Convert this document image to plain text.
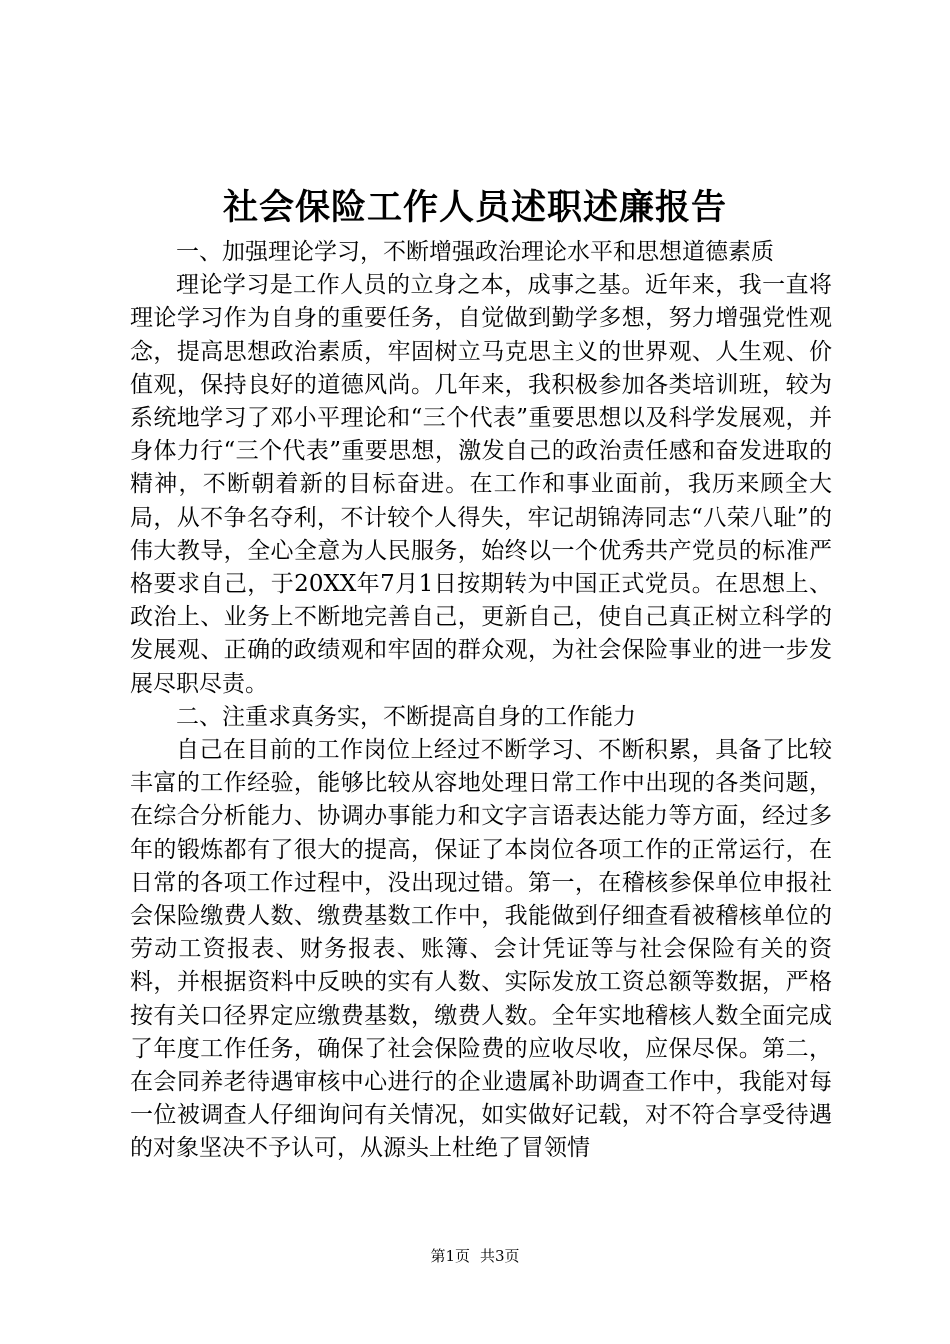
社会保险工作人员述职述廉报告

一、加强理论学习，不断增强政治理论水平和思想道德素质

理论学习是工作人员的立身之本，成事之基。近年来，我一直将理论学习作为自身的重要任务，自觉做到勤学多想，努力增强党性观念，提高思想政治素质，牢固树立马克思主义的世界观、人生观、价值观，保持良好的道德风尚。几年来，我积极参加各类培训班，较为系统地学习了邓小平理论和“三个代表”重要思想以及科学发展观，并身体力行“三个代表”重要思想，激发自己的政治责任感和奋发进取的精神，不断朝着新的目标奋进。在工作和事业面前，我历来顾全大局，从不争名夺利，不计较个人得失，牢记胡锦涛同志“八荣八耻”的伟大教导，全心全意为人民服务，始终以一个优秀共产党员的标准严格要求自己，于20XX年7月1日按期转为中国正式党员。在思想上、政治上、业务上不断地完善自己，更新自己，使自己真正树立科学的发展观、正确的政绩观和牢固的群众观，为社会保险事业的进一步发展尽职尽责。

二、注重求真务实，不断提高自身的工作能力

自己在目前的工作岗位上经过不断学习、不断积累，具备了比较丰富的工作经验，能够比较从容地处理日常工作中出现的各类问题，在综合分析能力、协调办事能力和文字言语表达能力等方面，经过多年的锻炼都有了很大的提高，保证了本岗位各项工作的正常运行，在日常的各项工作过程中，没出现过错。第一，在稽核参保单位申报社会保险缴费人数、缴费基数工作中，我能做到仔细查看被稽核单位的劳动工资报表、财务报表、账簿、会计凭证等与社会保险有关的资料，并根据资料中反映的实有人数、实际发放工资总额等数据，严格按有关口径界定应缴费基数，缴费人数。全年实地稽核人数全面完成了年度工作任务，确保了社会保险费的应收尽收，应保尽保。第二，在会同养老待遇审核中心进行的企业遗属补助调查工作中，我能对每一位被调查人仔细询问有关情况，如实做好记载，对不符合享受待遇的对象坚决不予认可，从源头上杜绝了冒领情

第1页 共3页
